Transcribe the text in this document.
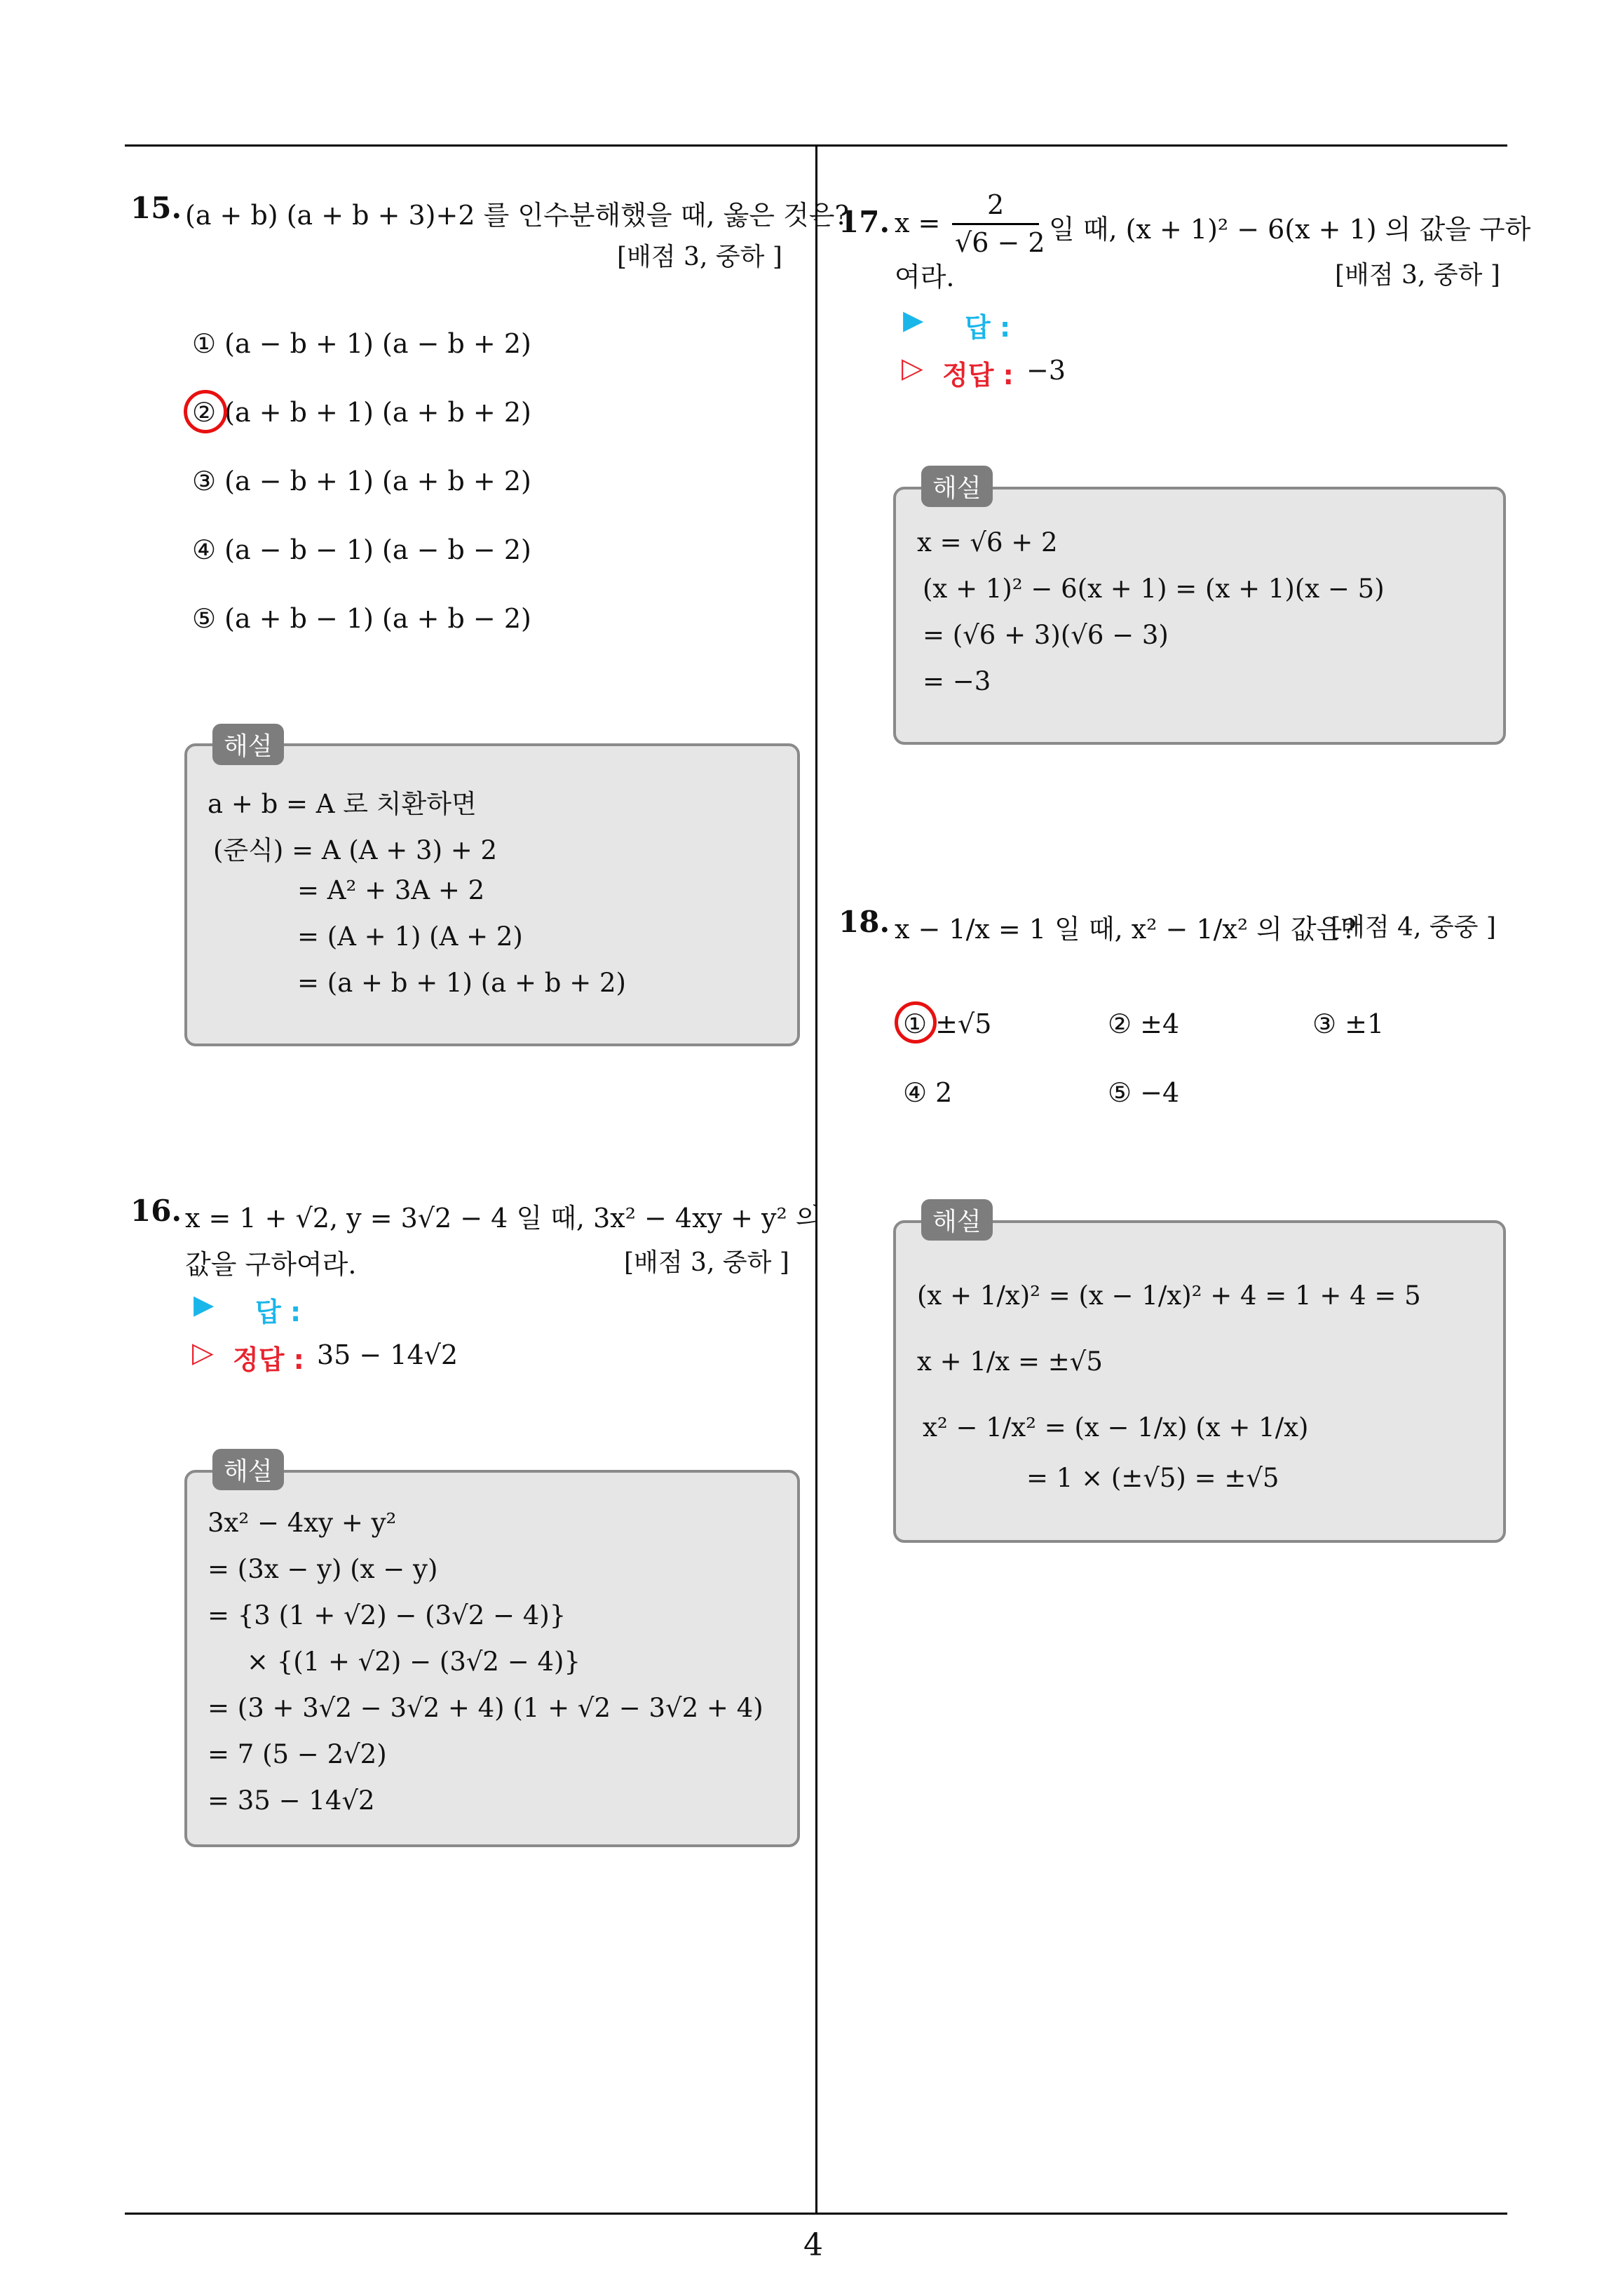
4
15. (a + b) (a + b + 3)+2 를 인수분해했을 때, 옳은 것은?
[배점 3, 중하 ]
① (a − b + 1) (a − b + 2)
② (a + b + 1) (a + b + 2)
③ (a − b + 1) (a + b + 2)
④ (a − b − 1) (a − b − 2)
⑤ (a + b − 1) (a + b − 2)
해설
a + b = A 로 치환하면
(준식) = A (A + 3) + 2
= A² + 3A + 2
= (A + 1) (A + 2)
= (a + b + 1) (a + b + 2)
16. x = 1 + √2, y = 3√2 − 4 일 때, 3x² − 4xy + y² 의
값을 구하여라.	[배점 3, 중하 ]
▶ 답 :
▷ 정답 : 35 − 14√2
해설
3x² − 4xy + y²
= (3x − y) (x − y)
= {3 (1 + √2) − (3√2 − 4)}
× {(1 + √2) − (3√2 − 4)}
= (3 + 3√2 − 3√2 + 4) (1 + √2 − 3√2 + 4)
= 7 (5 − 2√2)
= 35 − 14√2
17. x =
2
√6 − 2 일 때, (x + 1)² − 6(x + 1) 의 값을 구하
여라.	[배점 3, 중하 ]
▶ 답 :
▷ 정답 : −3
해설
x = √6 + 2
(x + 1)² − 6(x + 1) = (x + 1)(x − 5)
= (√6 + 3)(√6 − 3)
= −3
18. x − 1/x = 1 일 때, x² − 1/x² 의 값은?
[배점 4, 중중 ]
① ±√5	② ±4	③ ±1
④ 2	⑤ −4
해설
(x + 1/x)² = (x − 1/x)² + 4 = 1 + 4 = 5
x + 1/x = ±√5
x² − 1/x² = (x − 1/x) (x + 1/x)
= 1 × (±√5) = ±√5
